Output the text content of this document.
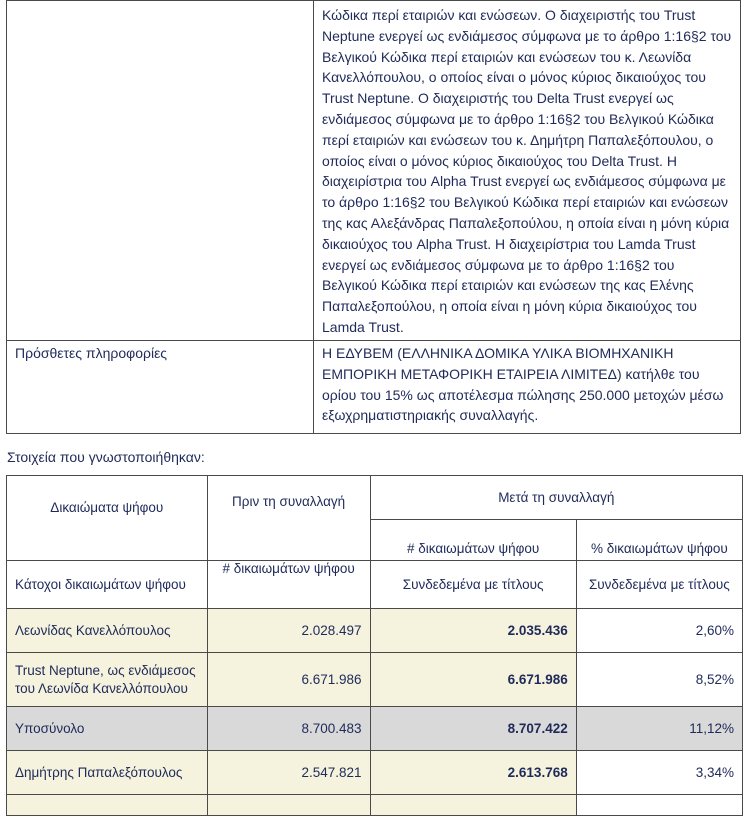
	Κώδικα περί εταιριών και ενώσεων. Ο διαχειριστής του Trust Neptune ενεργεί ως ενδιάμεσος σύμφωνα με το άρθρο 1:16§2 του Βελγικού Κώδικα περί εταιριών και ενώσεων του κ. Λεωνίδα Κανελλόπουλου, ο οποίος είναι ο μόνος κύριος δικαιούχος του Trust Neptune. Ο διαχειριστής του Delta Trust ενεργεί ως ενδιάμεσος σύμφωνα με το άρθρο 1:16§2 του Βελγικού Κώδικα περί εταιριών και ενώσεων του κ. Δημήτρη Παπαλεξόπουλου, ο οποίος είναι ο μόνος κύριος δικαιούχος του Delta Trust. Η διαχειρίστρια του Alpha Trust ενεργεί ως ενδιάμεσος σύμφωνα με το άρθρο 1:16§2 του Βελγικού Κώδικα περί εταιριών και ενώσεων της κας Αλεξάνδρας Παπαλεξοπούλου, η οποία είναι η μόνη κύρια δικαιούχος του Alpha Trust. Η διαχειρίστρια του Lamda Trust ενεργεί ως ενδιάμεσος σύμφωνα με το άρθρο 1:16§2 του Βελγικού Κώδικα περί εταιριών και ενώσεων της κας Ελένης Παπαλεξοπούλου, η οποία είναι η μόνη κύρια δικαιούχος του Lamda Trust.
Πρόσθετες πληροφορίες	Η ΕΔΥΒΕΜ (ΕΛΛΗΝΙΚΑ ΔΟΜΙΚΑ ΥΛΙΚΑ ΒΙΟΜΗΧΑΝΙΚΗ ΕΜΠΟΡΙΚΗ ΜΕΤΑΦΟΡΙΚΗ ΕΤΑΙΡΕΙΑ ΛΙΜΙΤΕΔ) κατήλθε του ορίου του 15% ως αποτέλεσμα πώλησης 250.000 μετοχών μέσω εξωχρηματιστηριακής συναλλαγής.
Στοιχεία που γνωστοποιήθηκαν:
Δικαιώματα ψήφου	Πριν τη συναλλαγή	Μετά τη συναλλαγή	
		# δικαιωμάτων ψήφου	% δικαιωμάτων ψήφου
Κάτοχοι δικαιωμάτων ψήφου	# δικαιωμάτων ψήφου	Συνδεδεμένα με τίτλους	Συνδεδεμένα με τίτλους
Λεωνίδας Κανελλόπουλος	2.028.497	2.035.436	2,60%
Trust Neptune, ως ενδιάμεσος του Λεωνίδα Κανελλόπουλου	6.671.986	6.671.986	8,52%
Υποσύνολο	8.700.483	8.707.422	11,12%
Δημήτρης Παπαλεξόπουλος	2.547.821	2.613.768	3,34%
